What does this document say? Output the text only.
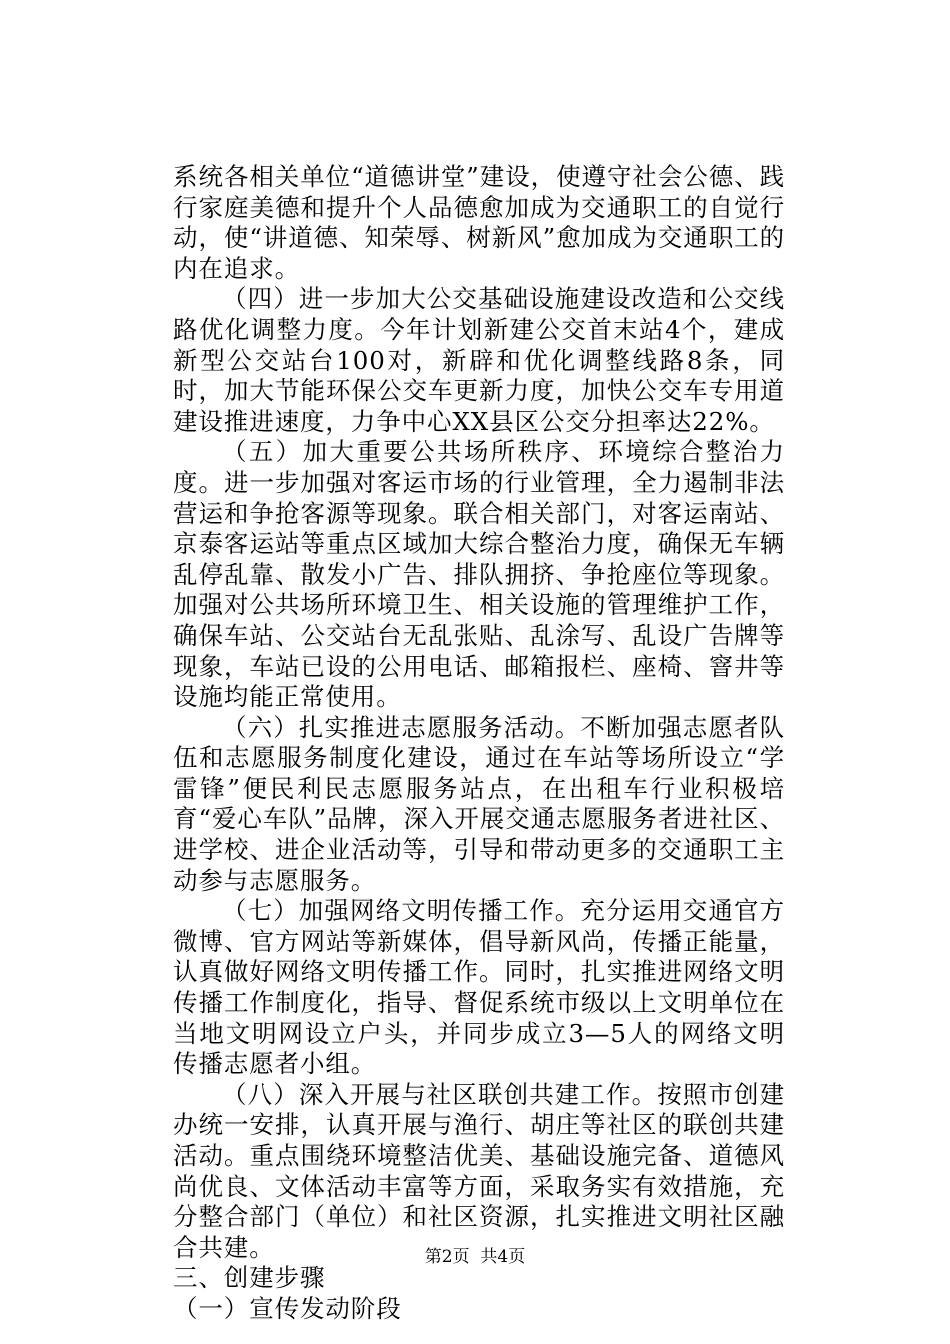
系统各相关单位“道德讲堂”建设，使遵守社会公德、践行家庭美德和提升个人品德愈加成为交通职工的自觉行动，使“讲道德、知荣辱、树新风”愈加成为交通职工的内在追求。

（四）进一步加大公交基础设施建设改造和公交线路优化调整力度。今年计划新建公交首末站4个，建成新型公交站台100对，新辟和优化调整线路8条，同时，加大节能环保公交车更新力度，加快公交车专用道建设推进速度，力争中心XX县区公交分担率达22%。

（五）加大重要公共场所秩序、环境综合整治力度。进一步加强对客运市场的行业管理，全力遏制非法营运和争抢客源等现象。联合相关部门，对客运南站、京泰客运站等重点区域加大综合整治力度，确保无车辆乱停乱靠、散发小广告、排队拥挤、争抢座位等现象。加强对公共场所环境卫生、相关设施的管理维护工作，确保车站、公交站台无乱张贴、乱涂写、乱设广告牌等现象，车站已设的公用电话、邮箱报栏、座椅、窨井等设施均能正常使用。

（六）扎实推进志愿服务活动。不断加强志愿者队伍和志愿服务制度化建设，通过在车站等场所设立“学雷锋”便民利民志愿服务站点，在出租车行业积极培育“爱心车队”品牌，深入开展交通志愿服务者进社区、进学校、进企业活动等，引导和带动更多的交通职工主动参与志愿服务。

（七）加强网络文明传播工作。充分运用交通官方微博、官方网站等新媒体，倡导新风尚，传播正能量，认真做好网络文明传播工作。同时，扎实推进网络文明传播工作制度化，指导、督促系统市级以上文明单位在当地文明网设立户头，并同步成立3—5人的网络文明传播志愿者小组。

（八）深入开展与社区联创共建工作。按照市创建办统一安排，认真开展与渔行、胡庄等社区的联创共建活动。重点围绕环境整洁优美、基础设施完备、道德风尚优良、文体活动丰富等方面，采取务实有效措施，充分整合部门（单位）和社区资源，扎实推进文明社区融合共建。

三、创建步骤

（一）宣传发动阶段

第2页  共4页
